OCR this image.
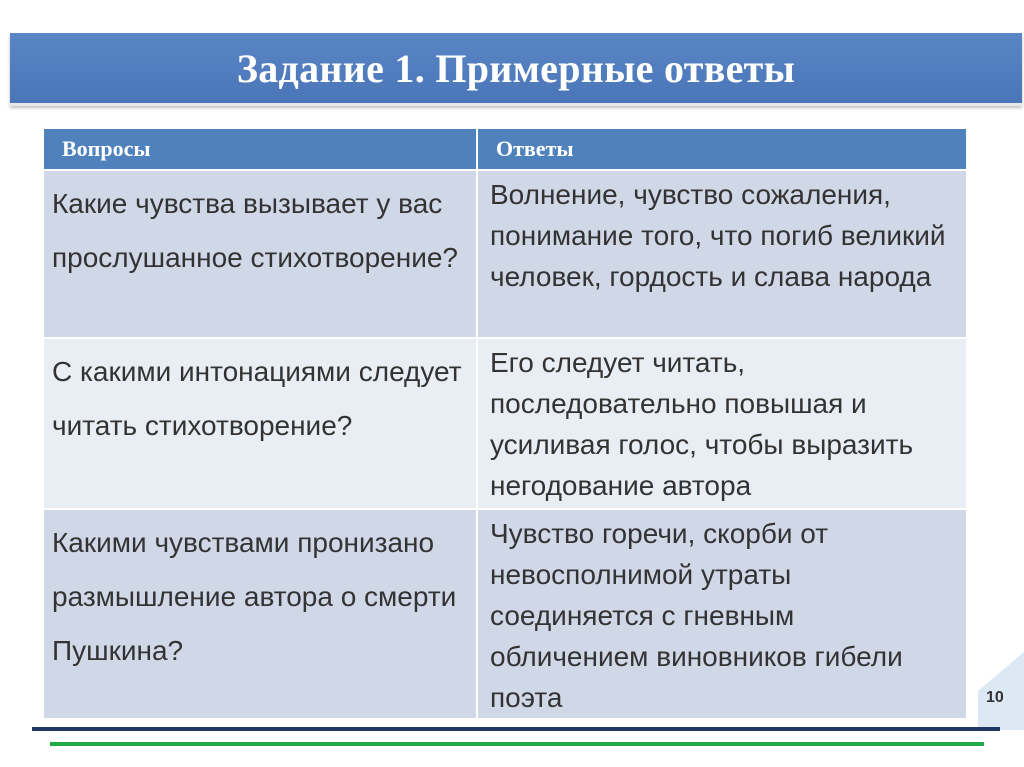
Задание 1. Примерные ответы
Вопросы	Ответы
Какие чувства вызывает у вас прослушанное стихотворение?	Волнение, чувство сожаления, понимание того, что погиб великий человек, гордость и слава народа
С какими интонациями следует читать стихотворение?	Его следует читать, последовательно повышая и усиливая голос, чтобы выразить негодование автора
Какими чувствами пронизано размышление автора о смерти Пушкина?	Чувство горечи, скорби от невосполнимой утраты соединяется с гневным обличением виновников гибели поэта	10
